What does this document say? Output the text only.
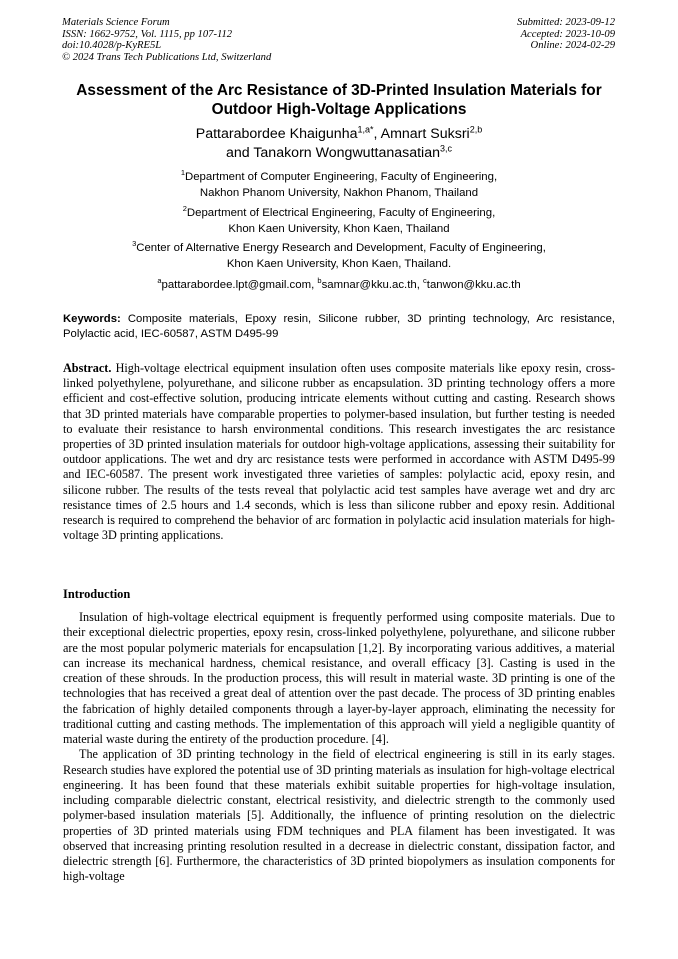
Materials Science Forum
ISSN: 1662-9752, Vol. 1115, pp 107-112
doi:10.4028/p-KyRE5L
© 2024 Trans Tech Publications Ltd, Switzerland
Submitted: 2023-09-12
Accepted: 2023-10-09
Online: 2024-02-29
Assessment of the Arc Resistance of 3D-Printed Insulation Materials for
Outdoor High-Voltage Applications
Pattarabordee Khaigunha$^{1,a*}$, Amnart Suksri$^{2,b}$
and Tanakorn Wongwuttanasatian$^{3,c}$
$^1$Department of Computer Engineering, Faculty of Engineering,
Nakhon Phanom University, Nakhon Phanom, Thailand
$^2$Department of Electrical Engineering, Faculty of Engineering,
Khon Kaen University, Khon Kaen, Thailand
$^3$Center of Alternative Energy Research and Development, Faculty of Engineering,
Khon Kaen University, Khon Kaen, Thailand.
$^a$pattarabordee.lpt@gmail.com, $^b$samnar@kku.ac.th, $^c$tanwon@kku.ac.th
Keywords: Composite materials, Epoxy resin, Silicone rubber, 3D printing technology, Arc resistance, Polylactic acid, IEC-60587, ASTM D495-99
Abstract. High-voltage electrical equipment insulation often uses composite materials like epoxy resin, cross-linked polyethylene, polyurethane, and silicone rubber as encapsulation. 3D printing technology offers a more efficient and cost-effective solution, producing intricate elements without cutting and casting. Research shows that 3D printed materials have comparable properties to polymer-based insulation, but further testing is needed to evaluate their resistance to harsh environmental conditions. This research investigates the arc resistance properties of 3D printed insulation materials for outdoor high-voltage applications, assessing their suitability for outdoor applications. The wet and dry arc resistance tests were performed in accordance with ASTM D495-99 and IEC-60587. The present work investigated three varieties of samples: polylactic acid, epoxy resin, and silicone rubber. The results of the tests reveal that polylactic acid test samples have average wet and dry arc resistance times of 2.5 hours and 1.4 seconds, which is less than silicone rubber and epoxy resin. Additional research is required to comprehend the behavior of arc formation in polylactic acid insulation materials for high-voltage 3D printing applications.
Introduction

Insulation of high-voltage electrical equipment is frequently performed using composite materials. Due to their exceptional dielectric properties, epoxy resin, cross-linked polyethylene, polyurethane, and silicone rubber are the most popular polymeric materials for encapsulation [1,2]. By incorporating various additives, a material can increase its mechanical hardness, chemical resistance, and overall efficacy [3]. Casting is used in the creation of these shrouds. In the production process, this will result in material waste. 3D printing is one of the technologies that has received a great deal of attention over the past decade. The process of 3D printing enables the fabrication of highly detailed components through a layer-by-layer approach, eliminating the necessity for traditional cutting and casting methods. The implementation of this approach will yield a negligible quantity of material waste during the entirety of the production procedure. [4].

The application of 3D printing technology in the field of electrical engineering is still in its early stages. Research studies have explored the potential use of 3D printing materials as insulation for high-voltage electrical engineering. It has been found that these materials exhibit suitable properties for high-voltage insulation, including comparable dielectric constant, electrical resistivity, and dielectric strength to the commonly used polymer-based insulation materials [5]. Additionally, the influence of printing resolution on the dielectric properties of 3D printed materials using FDM techniques and PLA filament has been investigated. It was observed that increasing printing resolution resulted in a decrease in dielectric constant, dissipation factor, and dielectric strength [6]. Furthermore, the characteristics of 3D printed biopolymers as insulation components for high-voltage
